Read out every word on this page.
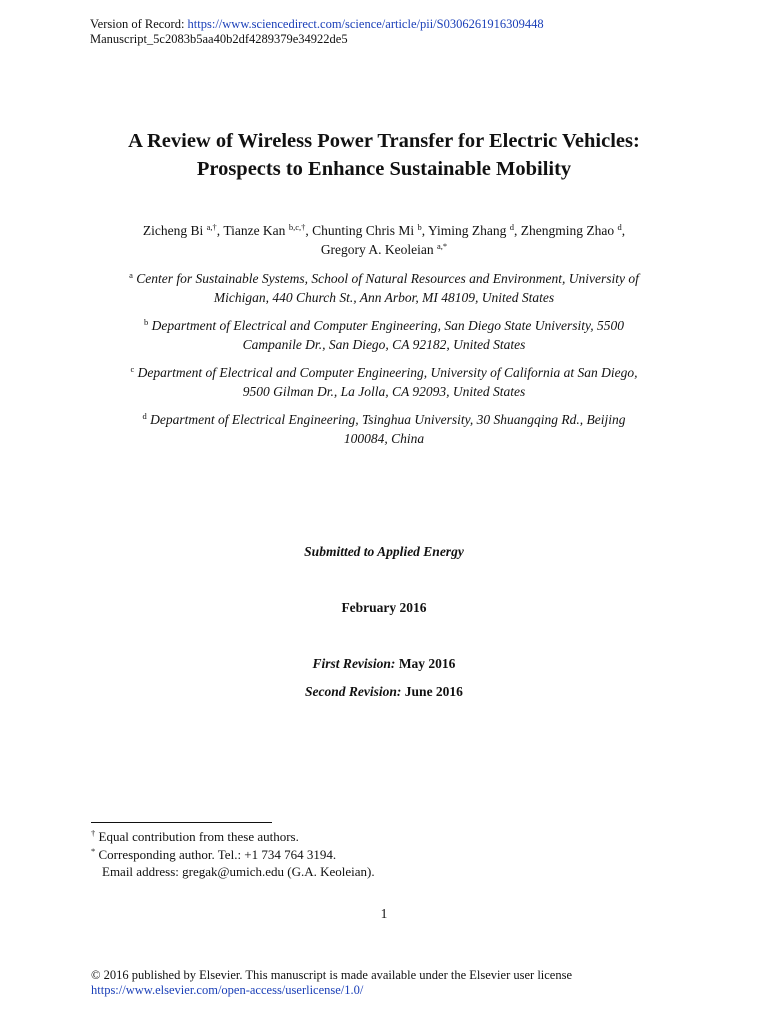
Version of Record: https://www.sciencedirect.com/science/article/pii/S0306261916309448
Manuscript_5c2083b5aa40b2df4289379e34922de5
A Review of Wireless Power Transfer for Electric Vehicles:
Prospects to Enhance Sustainable Mobility
Zicheng Bi $^{a,\dagger}$, Tianze Kan $^{b,c,\dagger}$, Chunting Chris Mi $^b$, Yiming Zhang $^d$, Zhengming Zhao $^d$,
Gregory A. Keoleian $^{a,*}$
$^a$ Center for Sustainable Systems, School of Natural Resources and Environment, University of
Michigan, 440 Church St., Ann Arbor, MI 48109, United States
$^b$ Department of Electrical and Computer Engineering, San Diego State University, 5500
Campanile Dr., San Diego, CA 92182, United States
$^c$ Department of Electrical and Computer Engineering, University of California at San Diego,
9500 Gilman Dr., La Jolla, CA 92093, United States
$^d$ Department of Electrical Engineering, Tsinghua University, 30 Shuangqing Rd., Beijing
100084, China
Submitted to Applied Energy
February 2016
First Revision: May 2016
Second Revision: June 2016
† Equal contribution from these authors.
* Corresponding author. Tel.: +1 734 764 3194.
Email address: gregak@umich.edu (G.A. Keoleian).
1
© 2016 published by Elsevier. This manuscript is made available under the Elsevier user license
https://www.elsevier.com/open-access/userlicense/1.0/
